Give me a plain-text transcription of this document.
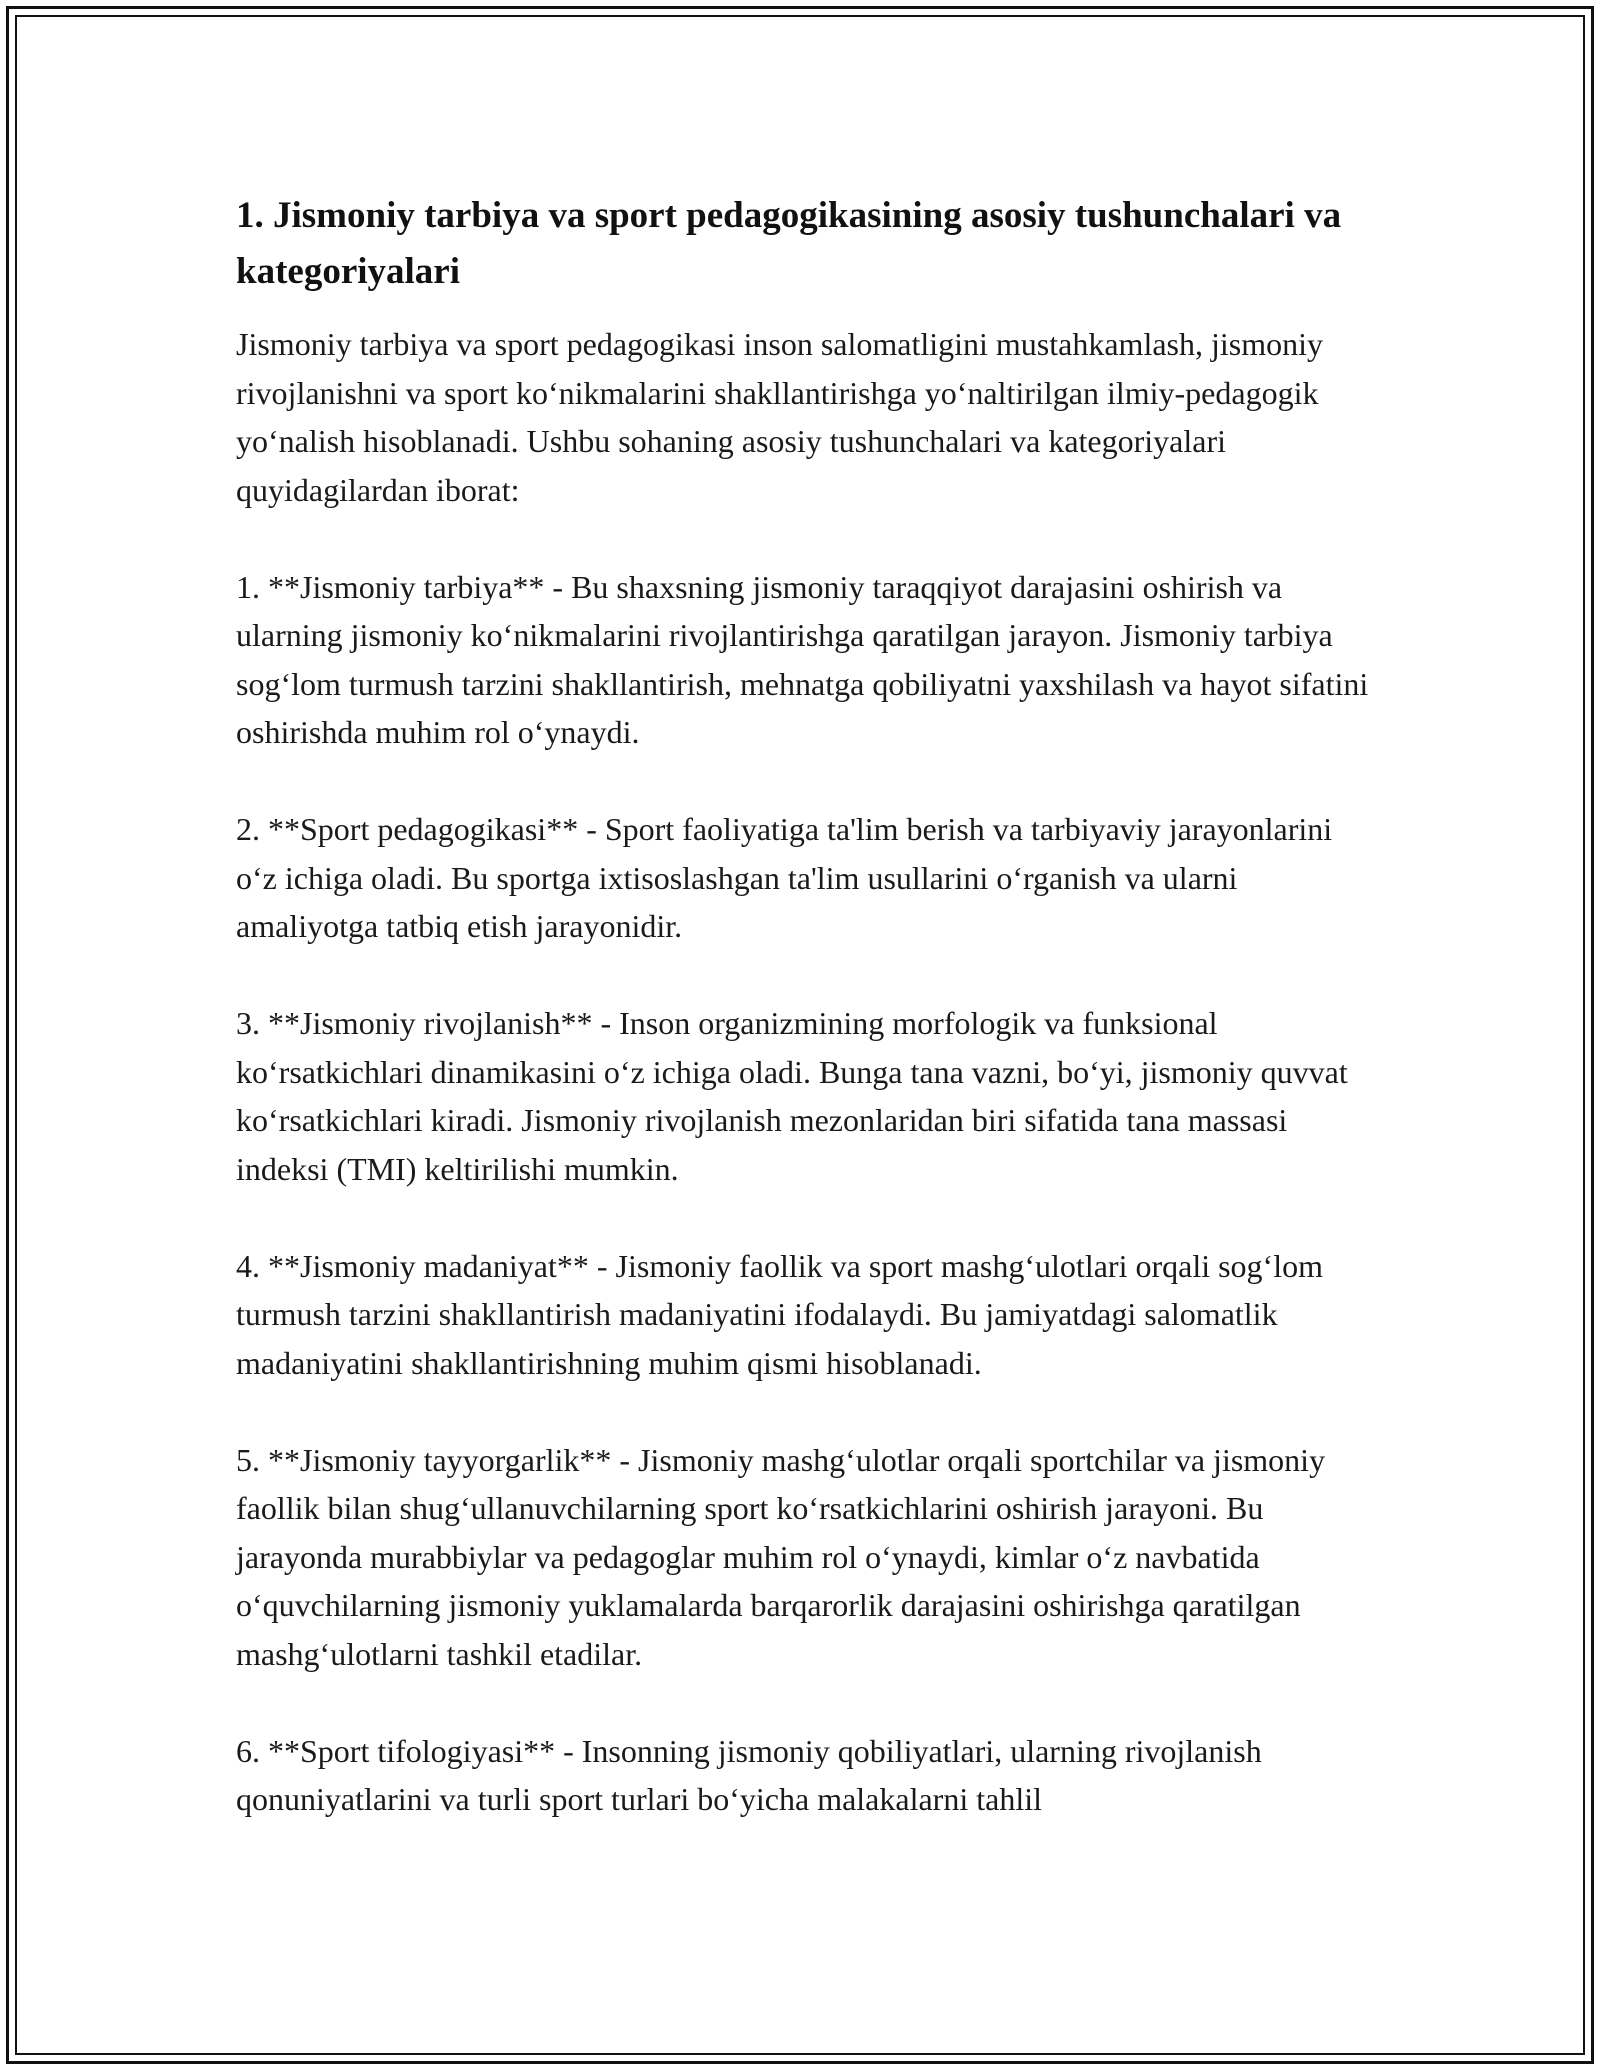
1. Jismoniy tarbiya va sport pedagogikasining asosiy tushunchalari va kategoriyalari

Jismoniy tarbiya va sport pedagogikasi inson salomatligini mustahkamlash, jismoniy rivojlanishni va sport ko‘nikmalarini shakllantirishga yo‘naltirilgan ilmiy-pedagogik yo‘nalish hisoblanadi. Ushbu sohaning asosiy tushunchalari va kategoriyalari quyidagilardan iborat:

1. **Jismoniy tarbiya** - Bu shaxsning jismoniy taraqqiyot darajasini oshirish va ularning jismoniy ko‘nikmalarini rivojlantirishga qaratilgan jarayon. Jismoniy tarbiya sog‘lom turmush tarzini shakllantirish, mehnatga qobiliyatni yaxshilash va hayot sifatini oshirishda muhim rol o‘ynaydi.

2. **Sport pedagogikasi** - Sport faoliyatiga ta'lim berish va tarbiyaviy jarayonlarini o‘z ichiga oladi. Bu sportga ixtisoslashgan ta'lim usullarini o‘rganish va ularni amaliyotga tatbiq etish jarayonidir.

3. **Jismoniy rivojlanish** - Inson organizmining morfologik va funksional ko‘rsatkichlari dinamikasini o‘z ichiga oladi. Bunga tana vazni, bo‘yi, jismoniy quvvat ko‘rsatkichlari kiradi. Jismoniy rivojlanish mezonlaridan biri sifatida tana massasi indeksi (TMI) keltirilishi mumkin.

4. **Jismoniy madaniyat** - Jismoniy faollik va sport mashg‘ulotlari orqali sog‘lom turmush tarzini shakllantirish madaniyatini ifodalaydi. Bu jamiyatdagi salomatlik madaniyatini shakllantirishning muhim qismi hisoblanadi.

5. **Jismoniy tayyorgarlik** - Jismoniy mashg‘ulotlar orqali sportchilar va jismoniy faollik bilan shug‘ullanuvchilarning sport ko‘rsatkichlarini oshirish jarayoni. Bu jarayonda murabbiylar va pedagoglar muhim rol o‘ynaydi, kimlar o‘z navbatida o‘quvchilarning jismoniy yuklamalarda barqarorlik darajasini oshirishga qaratilgan mashg‘ulotlarni tashkil etadilar.

6. **Sport tifologiyasi** - Insonning jismoniy qobiliyatlari, ularning rivojlanish qonuniyatlarini va turli sport turlari bo‘yicha malakalarni tahlil
